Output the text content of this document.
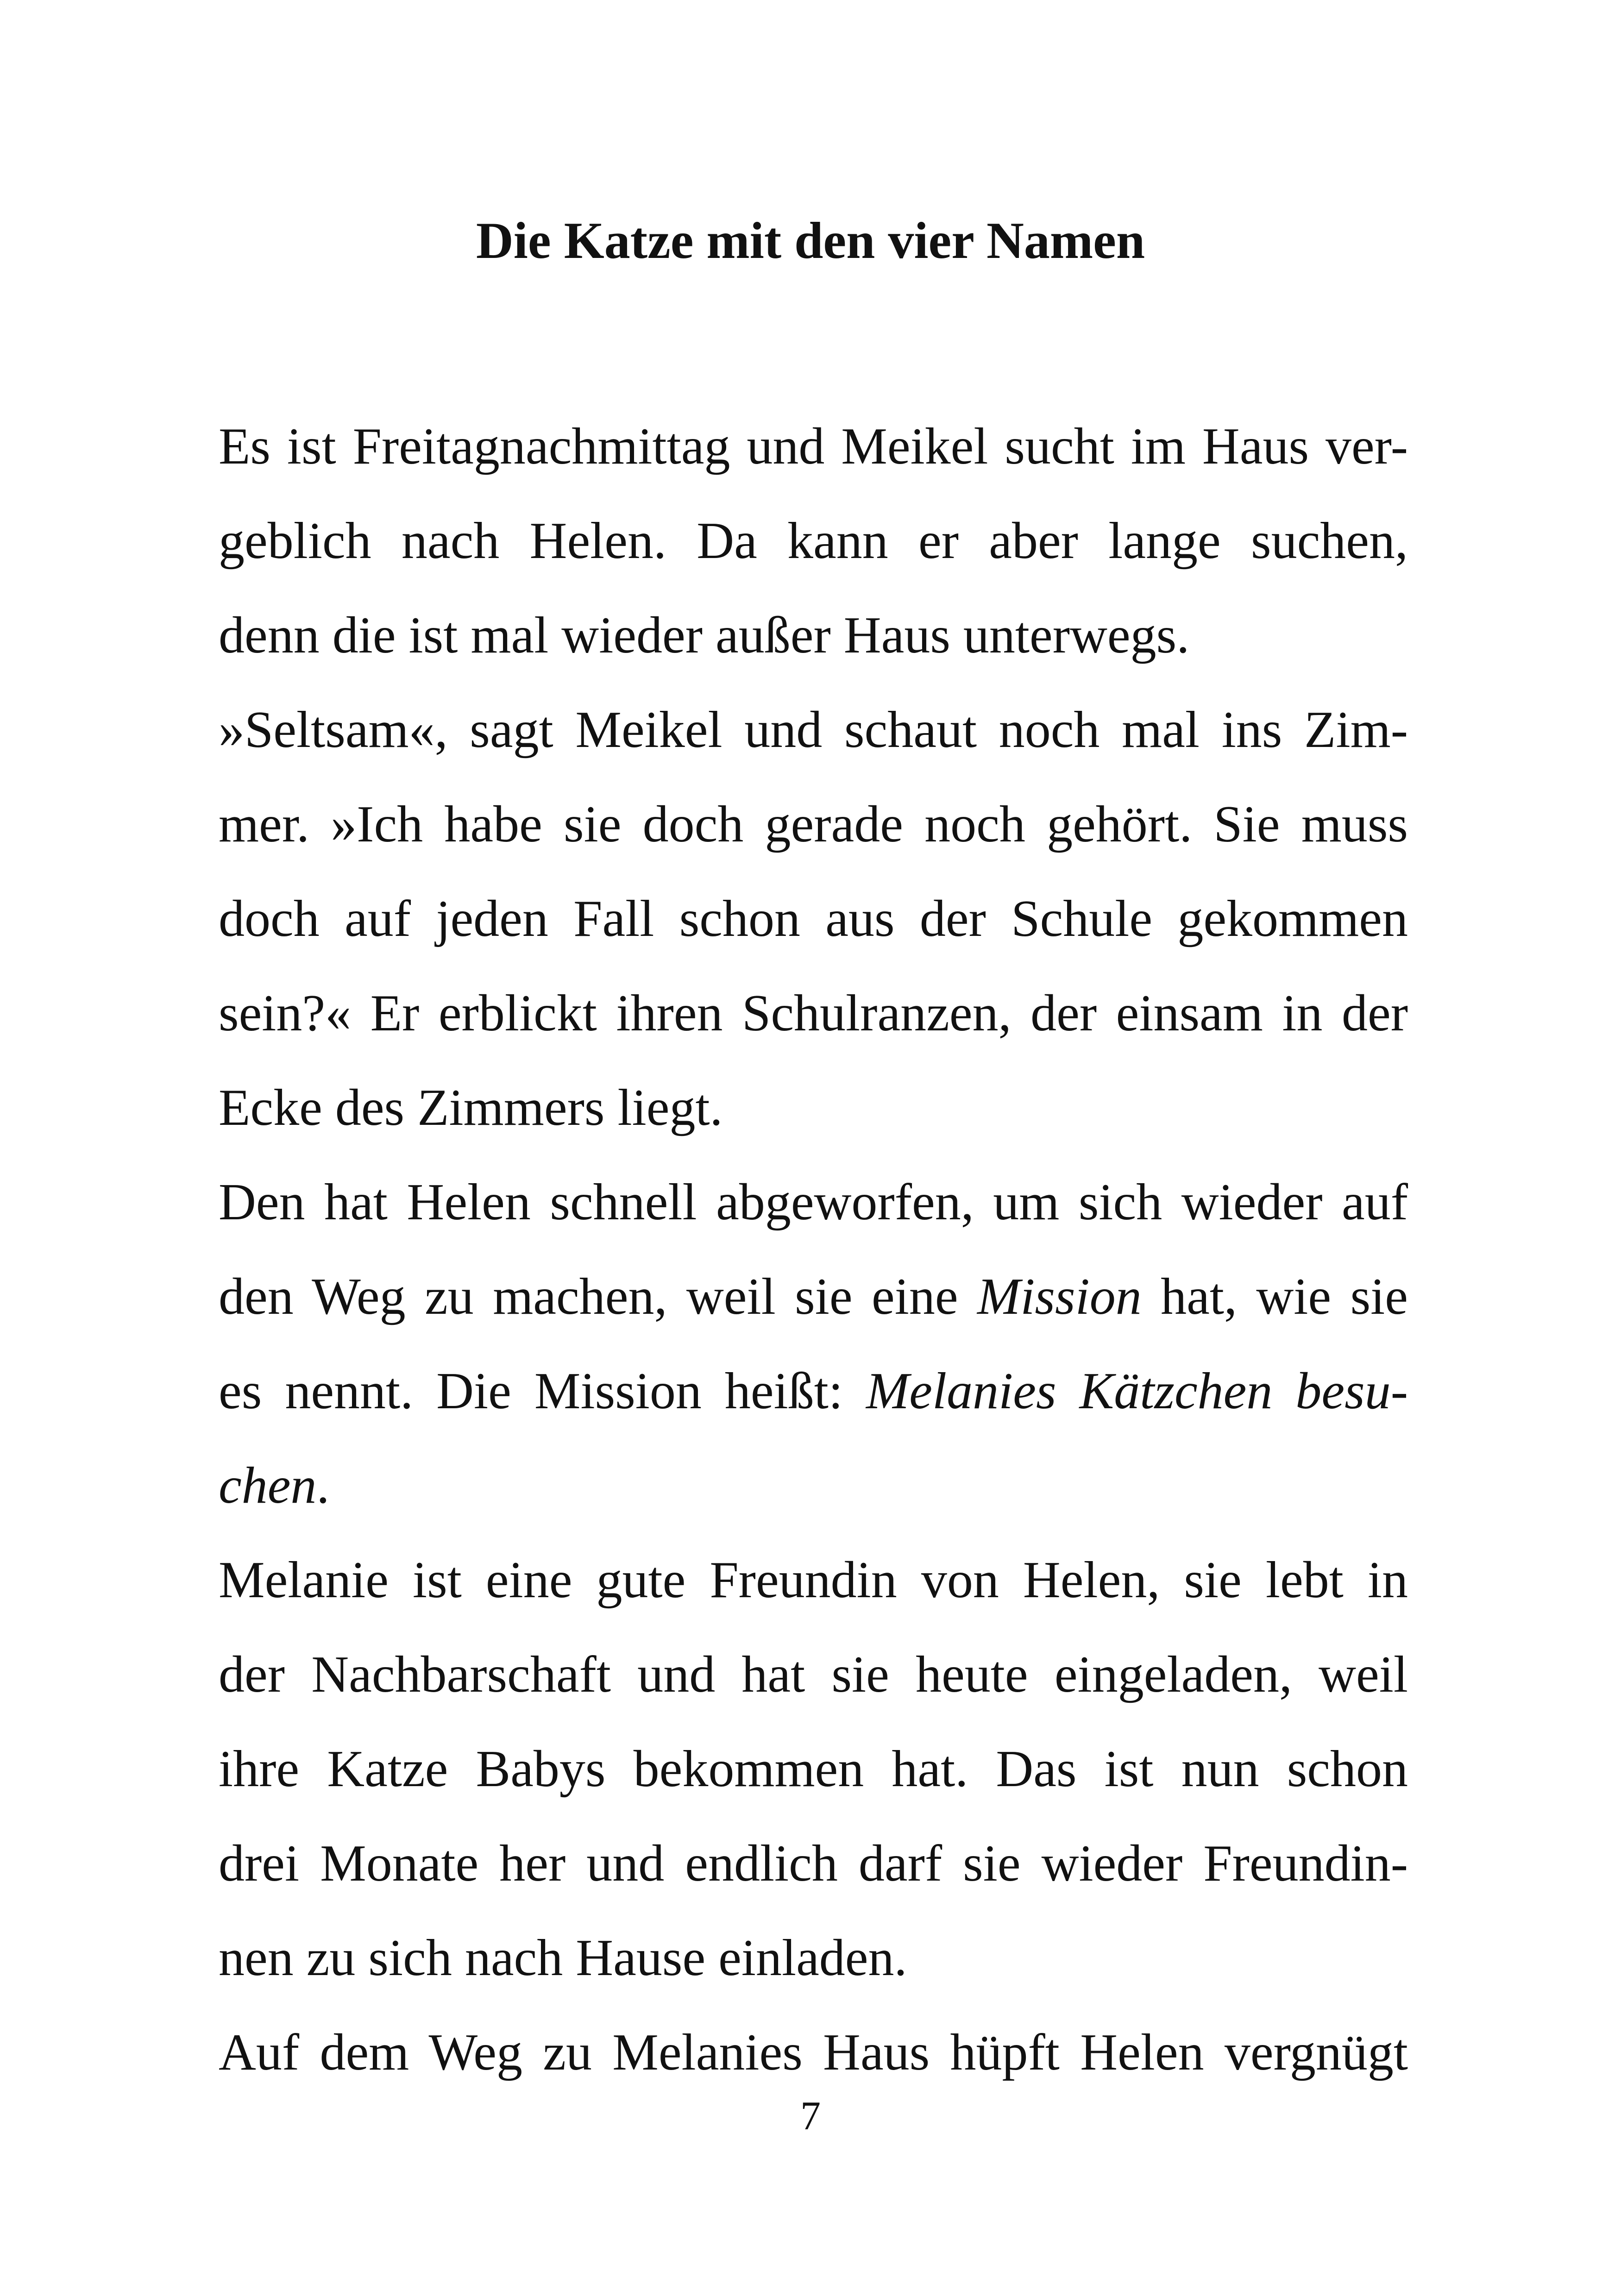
Die Katze mit den vier Namen
Es ist Freitagnachmittag und Meikel sucht im Haus ver-
geblich nach Helen. Da kann er aber lange suchen,
denn die ist mal wieder außer Haus unterwegs.
»Seltsam«, sagt Meikel und schaut noch mal ins Zim-
mer. »Ich habe sie doch gerade noch gehört. Sie muss
doch auf jeden Fall schon aus der Schule gekommen
sein?« Er erblickt ihren Schulranzen, der einsam in der
Ecke des Zimmers liegt.
Den hat Helen schnell abgeworfen, um sich wieder auf
den Weg zu machen, weil sie eine Mission hat, wie sie
es nennt. Die Mission heißt: Melanies Kätzchen besu-
chen.
Melanie ist eine gute Freundin von Helen, sie lebt in
der Nachbarschaft und hat sie heute eingeladen, weil
ihre Katze Babys bekommen hat. Das ist nun schon
drei Monate her und endlich darf sie wieder Freundin-
nen zu sich nach Hause einladen.
Auf dem Weg zu Melanies Haus hüpft Helen vergnügt
7
